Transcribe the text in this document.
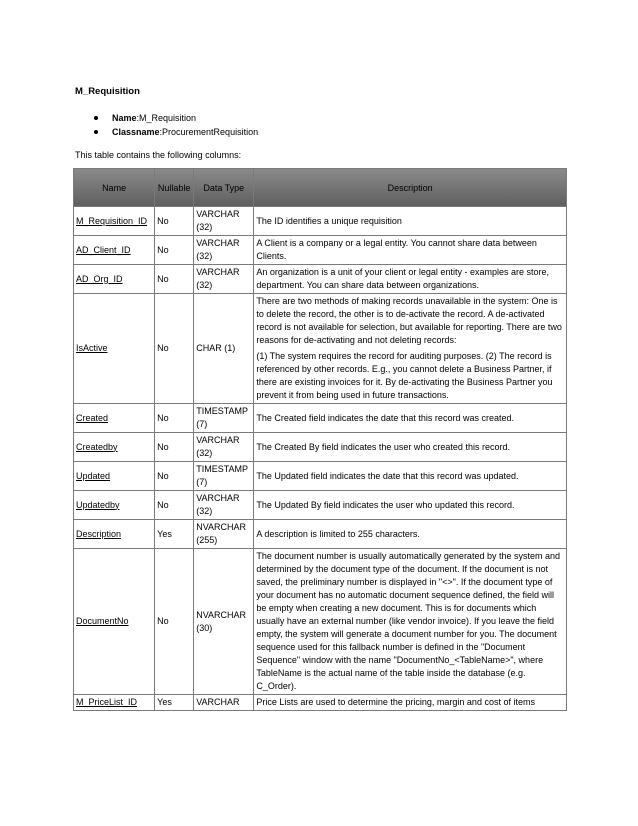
M_Requisition
Name:M_Requisition
Classname:ProcurementRequisition
This table contains the following columns:
Name	Nullable	Data Type	Description
M_Requisition_ID	No	VARCHAR (32)	The ID identifies a unique requisition

AD_Client_ID	No	VARCHAR (32)	A Client is a company or a legal entity. You cannot share data between Clients.

AD_Org_ID	No	VARCHAR (32)	An organization is a unit of your client or legal entity - examples are store, department. You can share data between organizations.

IsActive	No	CHAR (1)	There are two methods of making records unavailable in the system: One is to delete the record, the other is to de-activate the record. A de-activated record is not available for selection, but available for reporting. There are two reasons for de-activating and not deleting records:
(1) The system requires the record for auditing purposes. (2) The record is referenced by other records. E.g., you cannot delete a Business Partner, if there are existing invoices for it. By de-activating the Business Partner you prevent it from being used in future transactions.

Created	No	TIMESTAMP (7)	The Created field indicates the date that this record was created.

Createdby	No	VARCHAR (32)	The Created By field indicates the user who created this record.

Updated	No	TIMESTAMP (7)	The Updated field indicates the date that this record was updated.

Updatedby	No	VARCHAR (32)	The Updated By field indicates the user who updated this record.

Description	Yes	NVARCHAR (255)	A description is limited to 255 characters.

DocumentNo	No	NVARCHAR (30)	The document number is usually automatically generated by the system and determined by the document type of the document. If the document is not saved, the preliminary number is displayed in "<>". If the document type of your document has no automatic document sequence defined, the field will be empty when creating a new document. This is for documents which usually have an external number (like vendor invoice). If you leave the field empty, the system will generate a document number for you. The document sequence used for this fallback number is defined in the "Document Sequence" window with the name "DocumentNo_<TableName>", where TableName is the actual name of the table inside the database (e.g. C_Order).

M_PriceList_ID	Yes	VARCHAR	Price Lists are used to determine the pricing, margin and cost of items
